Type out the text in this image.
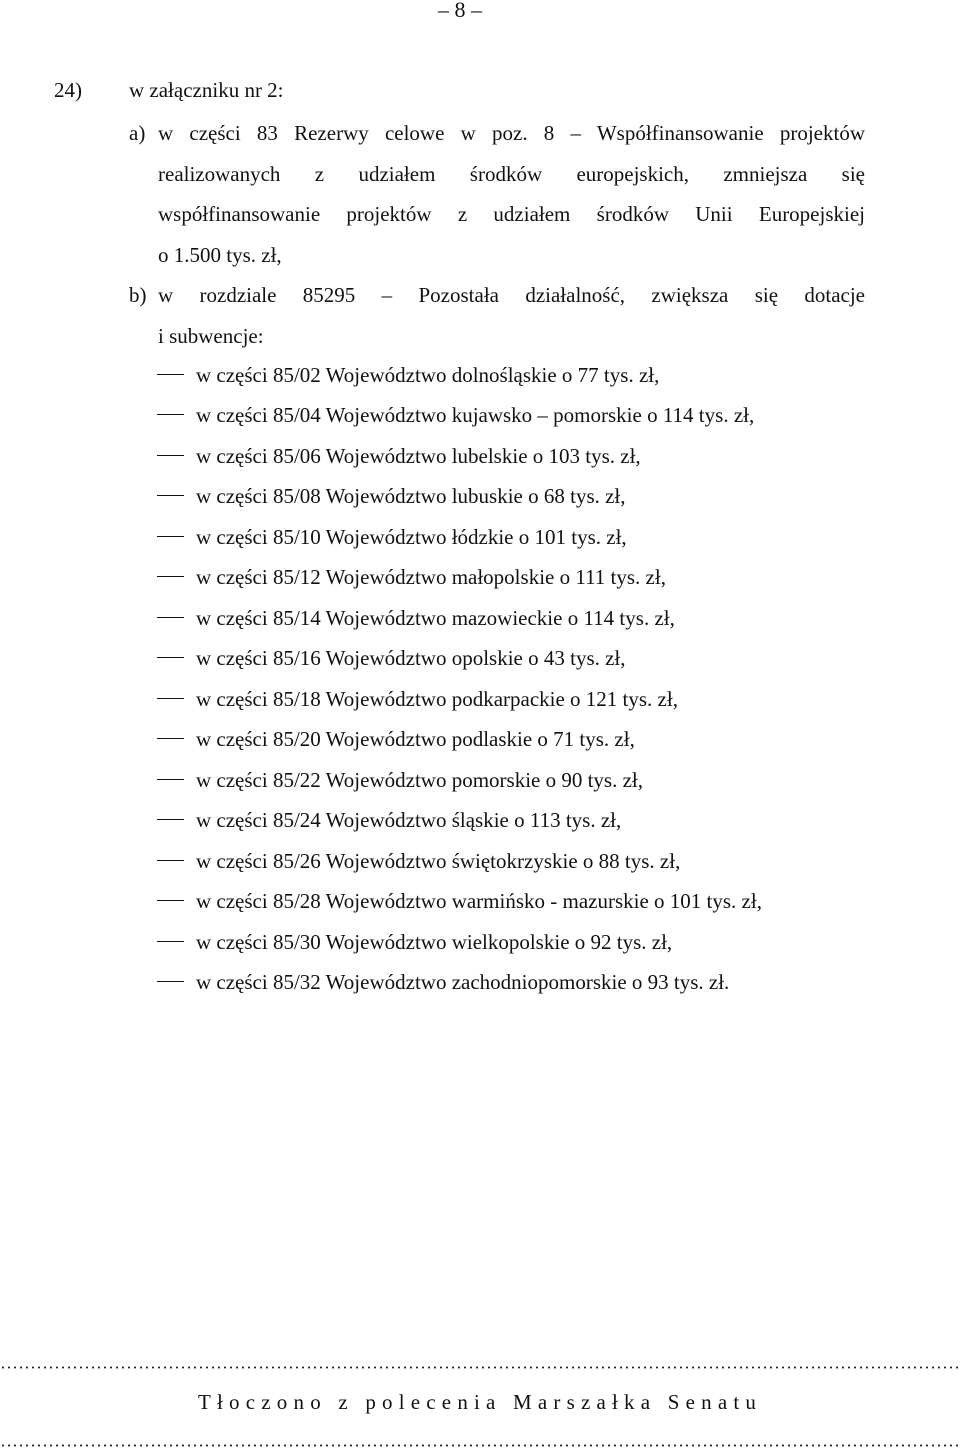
– 8 –
24) w załączniku nr 2:
a) w części 83 Rezerwy celowe w poz. 8 – Współfinansowanie projektów
realizowanych z udziałem środków europejskich, zmniejsza się
współfinansowanie projektów z udziałem środków Unii Europejskiej
o 1.500 tys. zł,
b) w rozdziale 85295 – Pozostała działalność, zwiększa się dotacje
i subwencje:
w części 85/02 Województwo dolnośląskie o 77 tys. zł,
w części 85/04 Województwo kujawsko – pomorskie o 114 tys. zł,
w części 85/06 Województwo lubelskie o 103 tys. zł,
w części 85/08 Województwo lubuskie o 68 tys. zł,
w części 85/10 Województwo łódzkie o 101 tys. zł,
w części 85/12 Województwo małopolskie o 111 tys. zł,
w części 85/14 Województwo mazowieckie o 114 tys. zł,
w części 85/16 Województwo opolskie o 43 tys. zł,
w części 85/18 Województwo podkarpackie o 121 tys. zł,
w części 85/20 Województwo podlaskie o 71 tys. zł,
w części 85/22 Województwo pomorskie o 90 tys. zł,
w części 85/24 Województwo śląskie o 113 tys. zł,
w części 85/26 Województwo świętokrzyskie o 88 tys. zł,
w części 85/28 Województwo warmińsko - mazurskie o 101 tys. zł,
w części 85/30 Województwo wielkopolskie o 92 tys. zł,
w części 85/32 Województwo zachodniopomorskie o 93 tys. zł.
Tłoczono z polecenia Marszałka Senatu
